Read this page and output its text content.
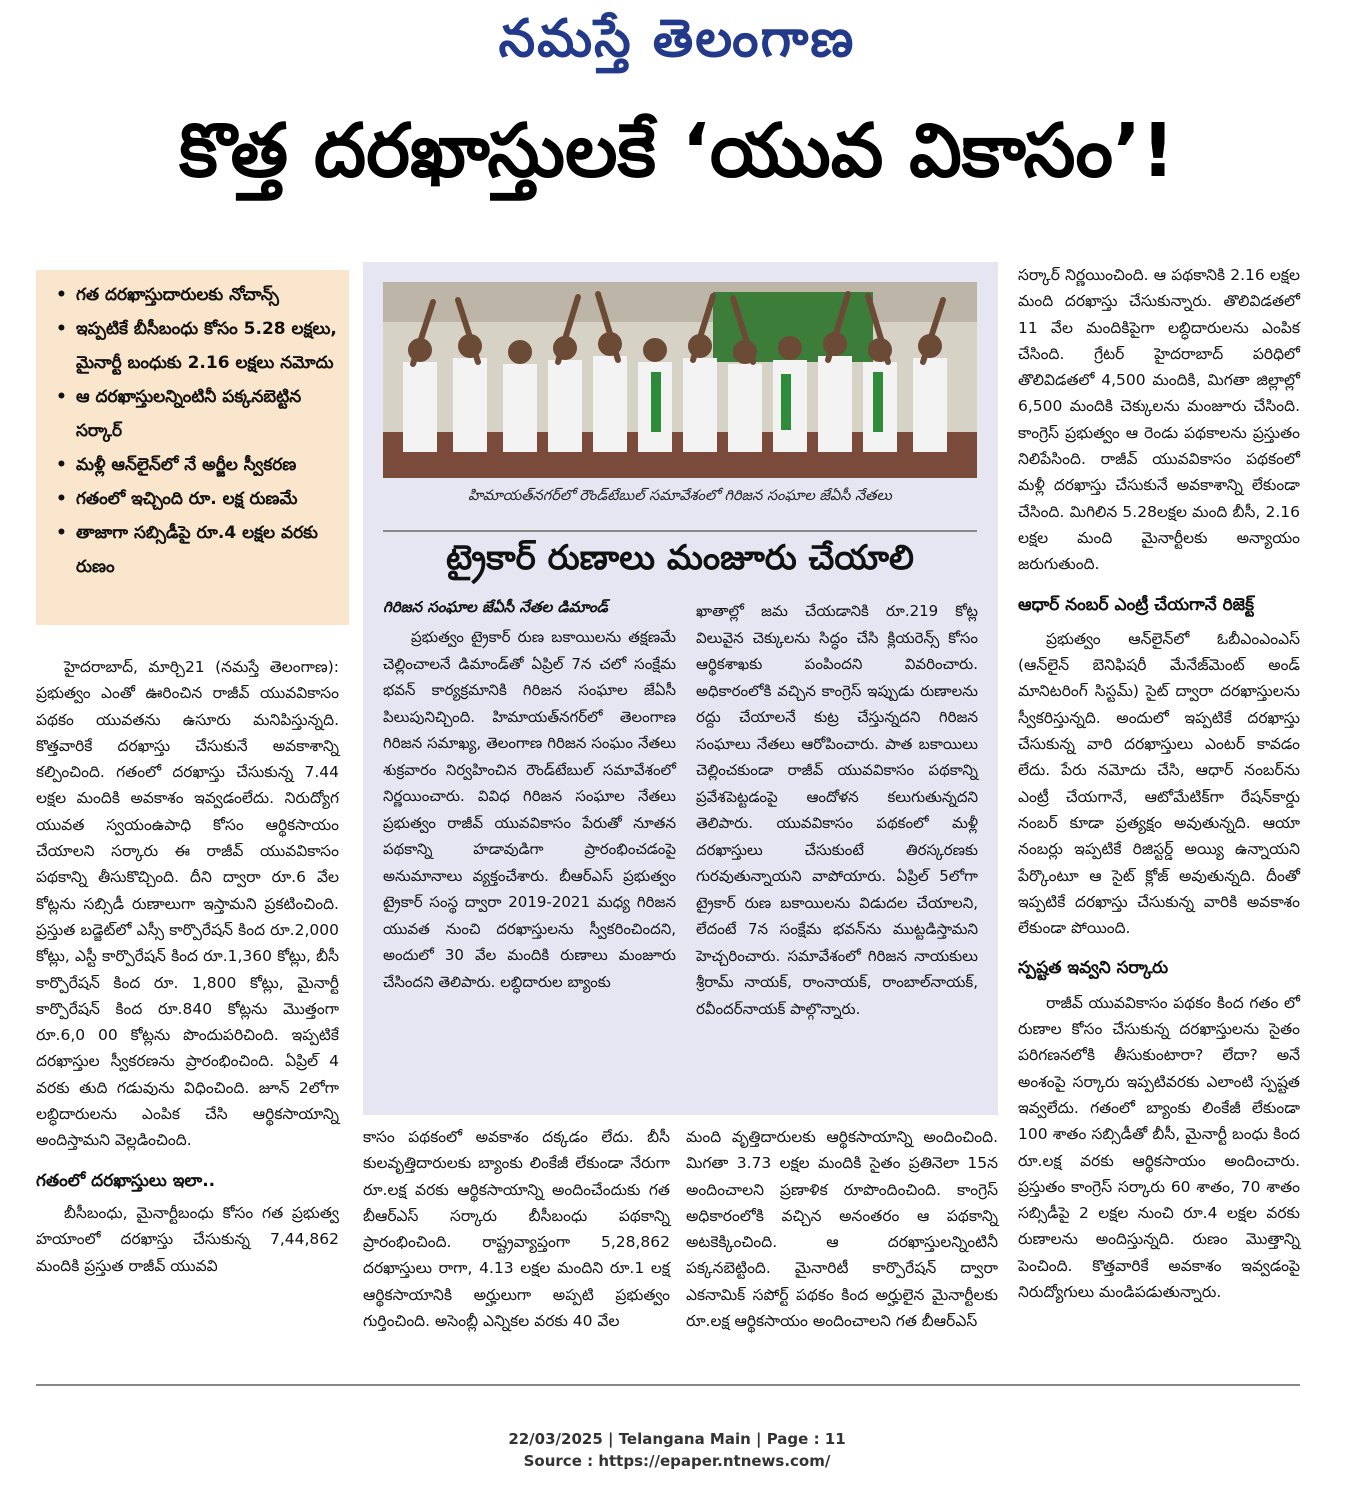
నమస్తే తెలంగాణ
కొత్త దరఖాస్తులకే ‘యువ వికాసం’!
• గత దరఖాస్తుదారులకు నోచాన్స్
• ఇప్పటికే బీసీబంధు కోసం 5.28 లక్షలు, మైనార్టీ బంధుకు 2.16 లక్షలు నమోదు
• ఆ దరఖాస్తులన్నింటినీ పక్కనబెట్టిన సర్కార్
• మళ్లీ ఆన్‌లైన్‌లో నే అర్జీల స్వీకరణ
• గతంలో ఇచ్చింది రూ. లక్ష రుణమే
• తాజాగా సబ్సిడీపై రూ.4 లక్షల వరకు రుణం

హైదరాబాద్, మార్చి21 (నమస్తే తెలంగాణ): ప్రభుత్వం ఎంతో ఊరించిన రాజీవ్ యువవికాసం పథకం యువతను ఉసూరు మనిపిస్తున్నది. కొత్తవారికే దరఖాస్తు చేసుకునే అవకాశాన్ని కల్పించింది. గతంలో దరఖాస్తు చేసుకున్న 7.44 లక్షల మందికి అవకాశం ఇవ్వడంలేదు. నిరుద్యోగ యువత స్వయంఉపాధి కోసం ఆర్థికసాయం చేయాలని సర్కారు ఈ రాజీవ్ యువవికాసం పథకాన్ని తీసుకొచ్చింది. దీని ద్వారా రూ.6 వేల కోట్లను సబ్సిడీ రుణాలుగా ఇస్తామని ప్రకటించింది. ప్రస్తుత బడ్జెట్‌లో ఎస్సీ కార్పొరేషన్ కింద రూ.2,000 కోట్లు, ఎస్టీ కార్పొరేషన్ కింద రూ.1,360 కోట్లు, బీసీ కార్పొరేషన్ కింద రూ. 1,800 కోట్లు, మైనార్టీ కార్పొరేషన్ కింద రూ.840 కోట్లను మొత్తంగా రూ.6,0 00 కోట్లను పొందుపరిచింది. ఇప్పటికే దరఖాస్తుల స్వీకరణను ప్రారంభించింది. ఏప్రిల్ 4 వరకు తుది గడువును విధించింది. జూన్ 2లోగా లబ్ధిదారులను ఎంపిక చేసి ఆర్థికసాయాన్ని అందిస్తామని వెల్లడించింది.

గతంలో దరఖాస్తులు ఇలా..

బీసీబంధు, మైనార్టీబంధు కోసం గత ప్రభుత్వ హయాంలో దరఖాస్తు చేసుకున్న 7,44,862 మందికి ప్రస్తుత రాజీవ్ యువవి

హిమాయత్‌నగర్‌లో రౌండ్‌టేబుల్ సమావేశంలో గిరిజన సంఘాల జేఏసీ నేతలు
ట్రైకార్ రుణాలు మంజూరు చేయాలి
గిరిజన సంఘాల జేఏసీ నేతల డిమాండ్

ప్రభుత్వం ట్రైకార్ రుణ బకాయిలను తక్షణమే చెల్లించాలనే డిమాండ్‌తో ఏప్రిల్ 7న చలో సంక్షేమ భవన్ కార్యక్రమానికి గిరిజన సంఘాల జేఏసీ పిలుపునిచ్చింది. హిమాయత్‌నగర్‌లో తెలంగాణ గిరిజన సమాఖ్య, తెలంగాణ గిరిజన సంఘం నేతలు శుక్రవారం నిర్వహించిన రౌండ్‌టేబుల్ సమావేశంలో నిర్ణయించారు. వివిధ గిరిజన సంఘాల నేతలు ప్రభుత్వం రాజీవ్ యువవికాసం పేరుతో నూతన పథకాన్ని హడావుడిగా ప్రారంభించడంపై అనుమానాలు వ్యక్తంచేశారు. బీఆర్‌ఎస్ ప్రభుత్వం ట్రైకార్ సంస్థ ద్వారా 2019-2021 మధ్య గిరిజన యువత నుంచి దరఖాస్తులను స్వీకరించిందని, అందులో 30 వేల మందికి రుణాలు మంజూరు చేసిందని తెలిపారు. లబ్ధిదారుల బ్యాంకు

ఖాతాల్లో జమ చేయడానికి రూ.219 కోట్ల విలువైన చెక్కులను సిద్ధం చేసి క్లియరెన్స్ కోసం ఆర్థికశాఖకు పంపిందని వివరించారు. అధికారంలోకి వచ్చిన కాంగ్రెస్ ఇప్పుడు రుణాలను రద్దు చేయాలనే కుట్ర చేస్తున్నదని గిరిజన సంఘాలు నేతలు ఆరోపించారు. పాత బకాయిలు చెల్లించకుండా రాజీవ్ యువవికాసం పథకాన్ని ప్రవేశపెట్టడంపై ఆందోళన కలుగుతున్నదని తెలిపారు. యువవికాసం పథకంలో మళ్లీ దరఖాస్తులు చేసుకుంటే తిరస్కరణకు గురవుతున్నాయని వాపోయారు. ఏప్రిల్ 5లోగా ట్రైకార్ రుణ బకాయిలను విడుదల చేయాలని, లేదంటే 7న సంక్షేమ భవన్‌ను ముట్టడిస్తామని హెచ్చరించారు. సమావేశంలో గిరిజన నాయకులు శ్రీరామ్ నాయక్, రాంనాయక్, రాంబాల్‌నాయక్, రవీందర్‌నాయక్ పాల్గొన్నారు.

కాసం పథకంలో అవకాశం దక్కడం లేదు. బీసీ కులవృత్తిదారులకు బ్యాంకు లింకేజీ లేకుండా నేరుగా రూ.లక్ష వరకు ఆర్థికసాయాన్ని అందించేందుకు గత బీఆర్‌ఎస్ సర్కారు బీసీబంధు పథకాన్ని ప్రారంభించింది. రాష్ట్రవ్యాప్తంగా 5,28,862 దరఖాస్తులు రాగా, 4.13 లక్షల మందిని రూ.1 లక్ష ఆర్థికసాయానికి అర్హులుగా అప్పటి ప్రభుత్వం గుర్తించింది. అసెంబ్లీ ఎన్నికల వరకు 40 వేల

మంది వృత్తిదారులకు ఆర్థికసాయాన్ని అందించింది. మిగతా 3.73 లక్షల మందికి సైతం ప్రతినెలా 15న అందించాలని ప్రణాళిక రూపొందించింది. కాంగ్రెస్ అధికారంలోకి వచ్చిన అనంతరం ఆ పథకాన్ని అటకెక్కించింది. ఆ దరఖాస్తులన్నింటినీ పక్కనబెట్టింది. మైనారిటీ కార్పొరేషన్ ద్వారా ఎకనామిక్ సపోర్ట్ పథకం కింద అర్హులైన మైనార్టీలకు రూ.లక్ష ఆర్థికసాయం అందించాలని గత బీఆర్‌ఎస్

సర్కార్ నిర్ణయించింది. ఆ పథకానికి 2.16 లక్షల మంది దరఖాస్తు చేసుకున్నారు. తొలివిడతలో 11 వేల మందికిపైగా లబ్ధిదారులను ఎంపిక చేసింది. గ్రేటర్ హైదరాబాద్ పరిధిలో తొలివిడతలో 4,500 మందికి, మిగతా జిల్లాల్లో 6,500 మందికి చెక్కులను మంజూరు చేసింది. కాంగ్రెస్ ప్రభుత్వం ఆ రెండు పథకాలను ప్రస్తుతం నిలిపేసింది. రాజీవ్ యువవికాసం పథకంలో మళ్లీ దరఖాస్తు చేసుకునే అవకాశాన్ని లేకుండా చేసింది. మిగిలిన 5.28లక్షల మంది బీసీ, 2.16 లక్షల మంది మైనార్టీలకు అన్యాయం జరుగుతుంది.

ఆధార్ నంబర్ ఎంట్రీ చేయగానే రిజెక్ట్

ప్రభుత్వం ఆన్‌లైన్‌లో ఓబీఎంఎంఎస్ (ఆన్‌లైన్ బెనిఫిషరీ మేనేజ్‌మెంట్ అండ్ మానిటరింగ్ సిస్టమ్) సైట్ ద్వారా దరఖాస్తులను స్వీకరిస్తున్నది. అందులో ఇప్పటికే దరఖాస్తు చేసుకున్న వారి దరఖాస్తులు ఎంటర్ కావడం లేదు. పేరు నమోదు చేసి, ఆధార్ నంబర్‌ను ఎంట్రీ చేయగానే, ఆటోమేటిక్‌గా రేషన్‌కార్డు నంబర్ కూడా ప్రత్యక్షం అవుతున్నది. ఆయా నంబర్లు ఇప్పటికే రిజిస్టర్డ్ అయ్యి ఉన్నాయని పేర్కొంటూ ఆ సైట్ క్లోజ్ అవుతున్నది. దీంతో ఇప్పటికే దరఖాస్తు చేసుకున్న వారికి అవకాశం లేకుండా పోయింది.

స్పష్టత ఇవ్వని సర్కారు

రాజీవ్ యువవికాసం పథకం కింద గతం లో రుణాల కోసం చేసుకున్న దరఖాస్తులను సైతం పరిగణనలోకి తీసుకుంటారా? లేదా? అనే అంశంపై సర్కారు ఇప్పటివరకు ఎలాంటి స్పష్టత ఇవ్వలేదు. గతంలో బ్యాంకు లింకేజీ లేకుండా 100 శాతం సబ్సిడీతో బీసీ, మైనార్టీ బంధు కింద రూ.లక్ష వరకు ఆర్థికసాయం అందించారు. ప్రస్తుతం కాంగ్రెస్ సర్కారు 60 శాతం, 70 శాతం సబ్సిడీపై 2 లక్షల నుంచి రూ.4 లక్షల వరకు రుణాలను అందిస్తున్నది. రుణం మొత్తాన్ని పెంచింది. కొత్తవారికే అవకాశం ఇవ్వడంపై నిరుద్యోగులు మండిపడుతున్నారు.

22/03/2025 | Telangana Main | Page : 11
Source : https://epaper.ntnews.com/
